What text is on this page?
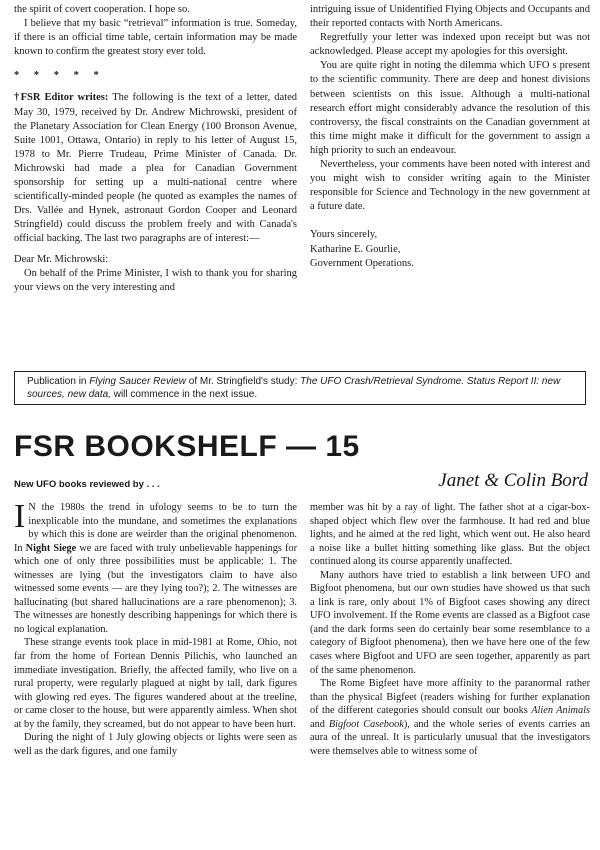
the spirit of covert cooperation. I hope so.

I believe that my basic “retrieval” information is true. Someday, if there is an official time table, certain information may be made known to confirm the greatest story ever told.

* * * * *

†FSR Editor writes: The following is the text of a letter, dated May 30, 1979, received by Dr. Andrew Michrowski, president of the Planetary Association for Clean Energy (100 Bronson Avenue, Suite 1001, Ottawa, Ontario) in reply to his letter of August 15, 1978 to Mr. Pierre Trudeau, Prime Minister of Canada. Dr. Michrowski had made a plea for Canadian Government sponsorship for setting up a multi-national centre where scientifically-minded people (he quoted as examples the names of Drs. Vallée and Hynek, astronaut Gordon Cooper and Leonard Stringfield) could discuss the problem freely and with Canada's official backing. The last two paragraphs are of interest:—

Dear Mr. Michrowski:

On behalf of the Prime Minister, I wish to thank you for sharing your views on the very interesting and

intriguing issue of Unidentified Flying Objects and Occupants and their reported contacts with North Americans.

Regretfully your letter was indexed upon receipt but was not acknowledged. Please accept my apologies for this oversight.

You are quite right in noting the dilemma which UFO s present to the scientific community. There are deep and honest divisions between scientists on this issue. Although a multi-national research effort might considerably advance the resolution of this controversy, the fiscal constraints on the Canadian government at this time might make it difficult for the government to assign a high priority to such an endeavour.

Nevertheless, your comments have been noted with interest and you might wish to consider writing again to the Minister responsible for Science and Technology in the new government at a future date.

Yours sincerely,

Katharine E. Gourlie,

Government Operations.

Publication in Flying Saucer Review of Mr. Stringfield's study: The UFO Crash/Retrieval Syndrome. Status Report II: new sources, new data, will commence in the next issue.
FSR BOOKSHELF — 15
New UFO books reviewed by . . .	Janet & Colin Bord

I N the 1980s the trend in ufology seems to be to turn the inexplicable into the mundane, and sometimes the explanations by which this is done are weirder than the original phenomenon. In Night Siege we are faced with truly unbelievable happenings for which one of only three possibilities must be applicable: 1. The witnesses are lying (but the investigators claim to have also witnessed some events — are they lying too?); 2. The witnesses are hallucinating (but shared hallucinations are a rare phenomenon); 3. The witnesses are honestly describing happenings for which there is no logical explanation.

These strange events took place in mid-1981 at Rome, Ohio, not far from the home of Fortean Dennis Pilichis, who launched an immediate investigation. Briefly, the affected family, who live on a rural property, were regularly plagued at night by tall, dark figures with glowing red eyes. The figures wandered about at the treeline, or came closer to the house, but were apparently aimless. When shot at by the family, they screamed, but do not appear to have been hurt.

During the night of 1 July glowing objects or lights were seen as well as the dark figures, and one family

member was hit by a ray of light. The father shot at a cigar-box-shaped object which flew over the farmhouse. It had red and blue lights, and he aimed at the red light, which went out. He also heard a noise like a bullet hitting something like glass. But the object continued along its course apparently unaffected.

Many authors have tried to establish a link between UFO and Bigfoot phenomena, but our own studies have showed us that such a link is rare, only about 1% of Bigfoot cases showing any direct UFO involvement. If the Rome events are classed as a Bigfoot case (and the dark forms seen do certainly bear some resemblance to a category of Bigfoot phenomena), then we have here one of the few cases where Bigfoot and UFO are seen together, apparently as part of the same phenomenon.

The Rome Bigfeet have more affinity to the paranormal rather than the physical Bigfeet (readers wishing for further explanation of the different categories should consult our books Alien Animals and Bigfoot Casebook), and the whole series of events carries an aura of the unreal. It is particularly unusual that the investigators were themselves able to witness some of
